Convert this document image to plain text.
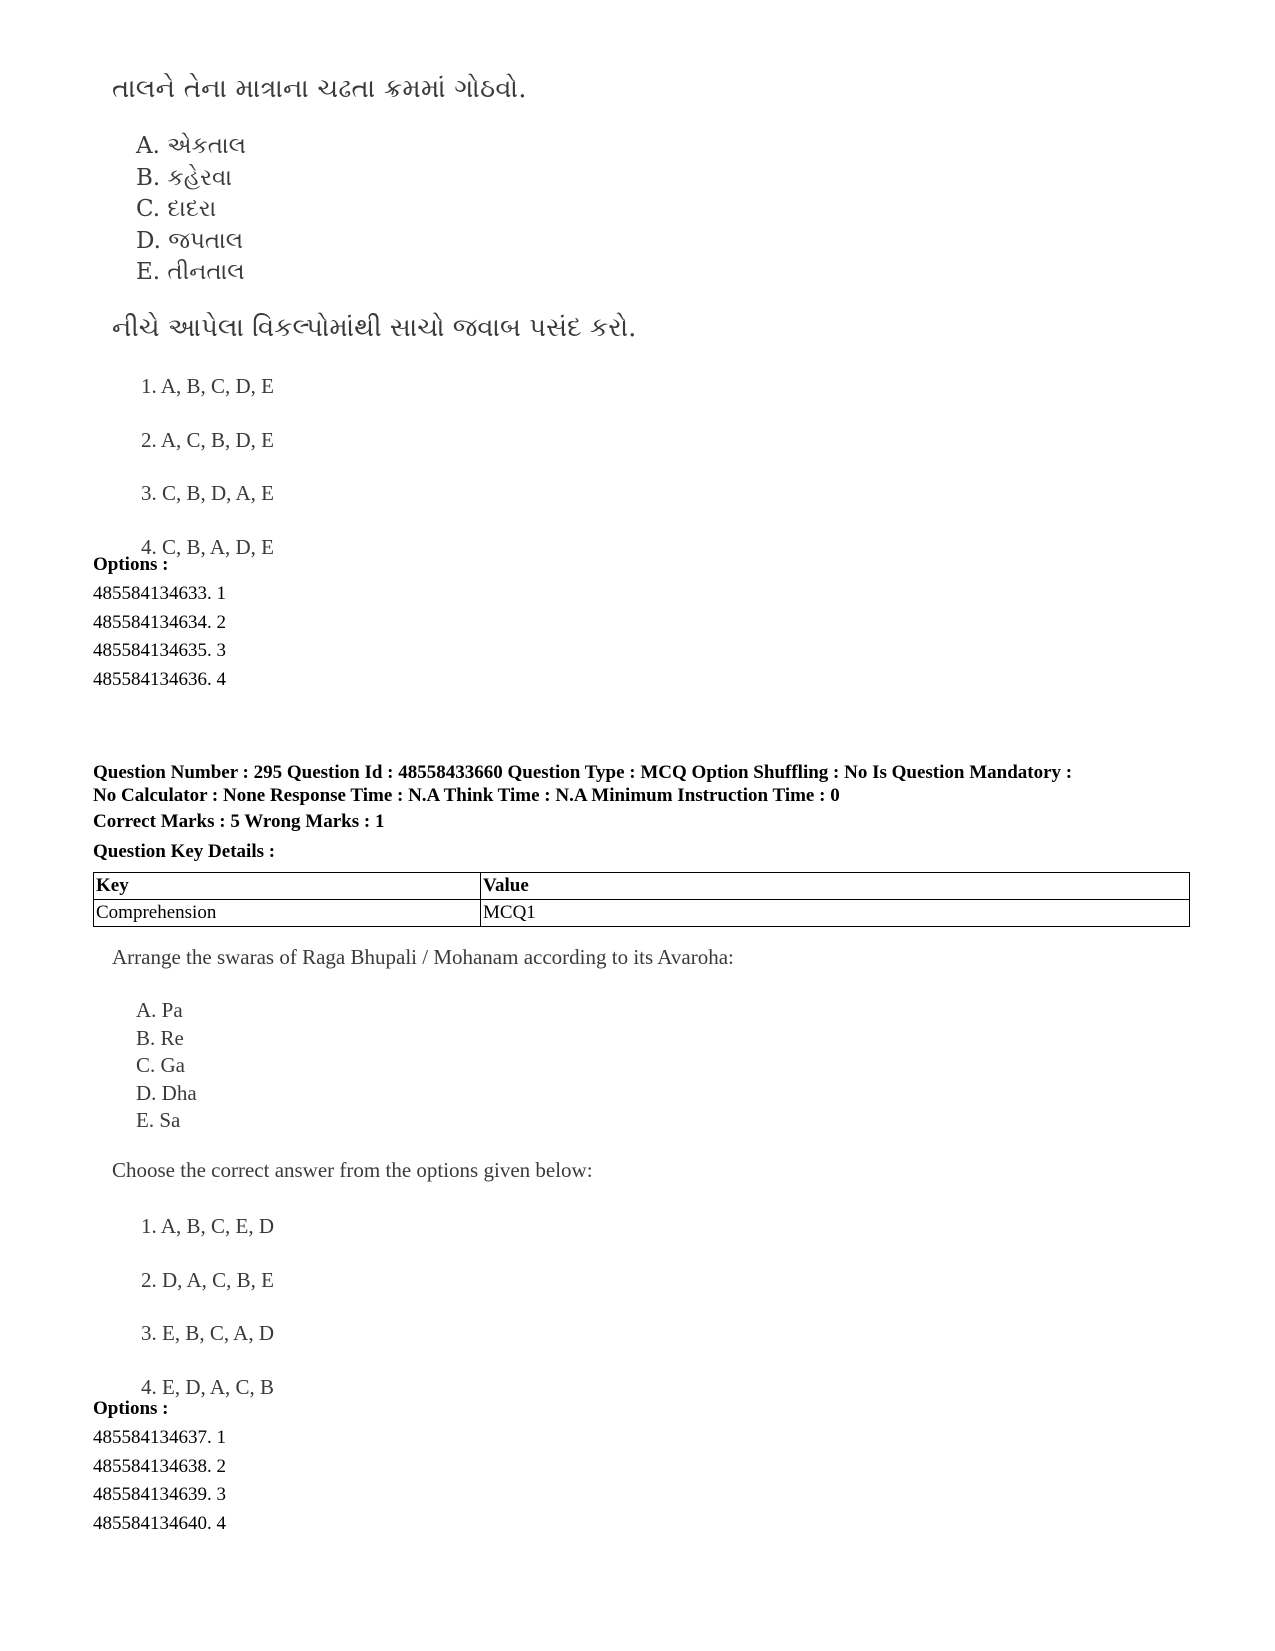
તાલને તેના માત્રાના ચઢતા ક્રમમાં ગોઠવો.
A. એકતાલ
B. કહેરવા
C. દાદરા
D. જપતાલ
E. તીનતાલ
નીચે આપેલા વિકલ્પોમાંથી સાચો જવાબ પસંદ કરો.
1. A, B, C, D, E
2. A, C, B, D, E
3. C, B, D, A, E
4. C, B, A, D, E
Options :
485584134633. 1
485584134634. 2
485584134635. 3
485584134636. 4
Question Number : 295 Question Id : 48558433660 Question Type : MCQ Option Shuffling : No Is Question Mandatory :
No Calculator : None Response Time : N.A Think Time : N.A Minimum Instruction Time : 0
Correct Marks : 5 Wrong Marks : 1
Question Key Details :
Key	Value
Comprehension	MCQ1
Arrange the swaras of Raga Bhupali / Mohanam according to its Avaroha:
A. Pa
B. Re
C. Ga
D. Dha
E. Sa
Choose the correct answer from the options given below:
1. A, B, C, E, D
2. D, A, C, B, E
3. E, B, C, A, D
4. E, D, A, C, B
Options :
485584134637. 1
485584134638. 2
485584134639. 3
485584134640. 4
